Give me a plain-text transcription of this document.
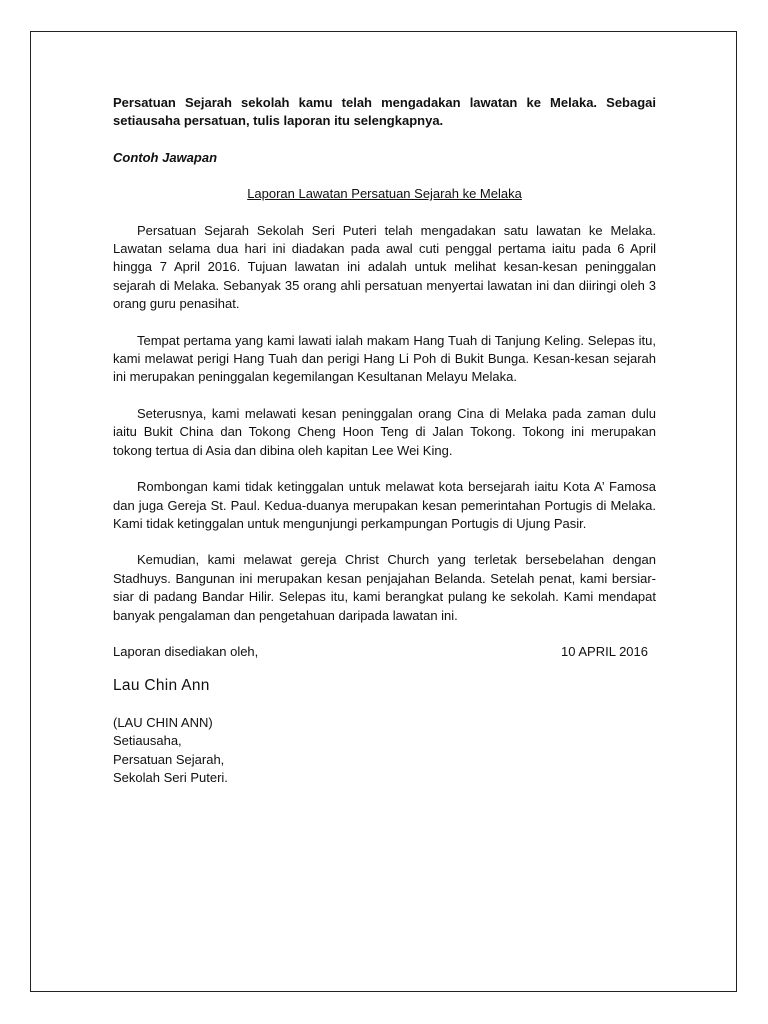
Persatuan Sejarah sekolah kamu telah mengadakan lawatan ke Melaka. Sebagai setiausaha persatuan, tulis laporan itu selengkapnya.

Contoh Jawapan

Laporan Lawatan Persatuan Sejarah ke Melaka

Persatuan Sejarah Sekolah Seri Puteri telah mengadakan satu lawatan ke Melaka. Lawatan selama dua hari ini diadakan pada awal cuti penggal pertama iaitu pada 6 April hingga 7 April 2016. Tujuan lawatan ini adalah untuk melihat kesan-kesan peninggalan sejarah di Melaka. Sebanyak 35 orang ahli persatuan menyertai lawatan ini dan diiringi oleh 3 orang guru penasihat.

Tempat pertama yang kami lawati ialah makam Hang Tuah di Tanjung Keling. Selepas itu, kami melawat perigi Hang Tuah dan perigi Hang Li Poh di Bukit Bunga. Kesan-kesan sejarah ini merupakan peninggalan kegemilangan Kesultanan Melayu Melaka.

Seterusnya, kami melawati kesan peninggalan orang Cina di Melaka pada zaman dulu iaitu Bukit China dan Tokong Cheng Hoon Teng di Jalan Tokong. Tokong ini merupakan tokong tertua di Asia dan dibina oleh kapitan Lee Wei King.

Rombongan kami tidak ketinggalan untuk melawat kota bersejarah iaitu Kota A’ Famosa dan juga Gereja St. Paul. Kedua-duanya merupakan kesan pemerintahan Portugis di Melaka. Kami tidak ketinggalan untuk mengunjungi perkampungan Portugis di Ujung Pasir.

Kemudian, kami melawat gereja Christ Church yang terletak bersebelahan dengan Stadhuys. Bangunan ini merupakan kesan penjajahan Belanda. Setelah penat, kami bersiar-siar di padang Bandar Hilir. Selepas itu, kami berangkat pulang ke sekolah. Kami mendapat banyak pengalaman dan pengetahuan daripada lawatan ini.

Laporan disediakan oleh,	10 APRIL 2016

Lau Chin Ann

(LAU CHIN ANN)
Setiausaha,
Persatuan Sejarah,
Sekolah Seri Puteri.
